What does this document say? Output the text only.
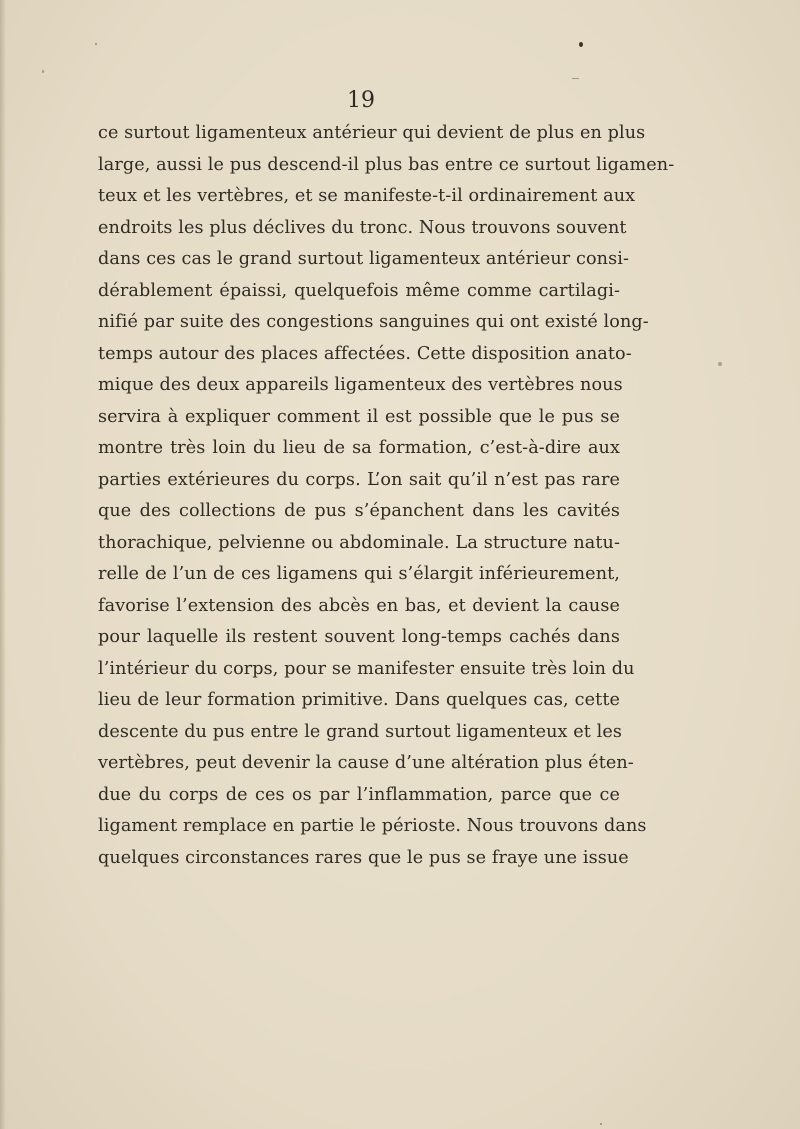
19
ce surtout ligamenteux antérieur qui devient de plus en plus
large, aussi le pus descend-il plus bas entre ce surtout ligamen-
teux et les vertèbres, et se manifeste-t-il ordinairement aux
endroits les plus déclives du tronc. Nous trouvons souvent
dans ces cas le grand surtout ligamenteux antérieur consi-
dérablement épaissi, quelquefois même comme cartilagi-
nifié par suite des congestions sanguines qui ont existé long-
temps autour des places affectées. Cette disposition anato-
mique des deux appareils ligamenteux des vertèbres nous
servira à expliquer comment il est possible que le pus se
montre très loin du lieu de sa formation, c’est-à-dire aux
parties extérieures du corps. L’on sait qu’il n’est pas rare
que des collections de pus s’épanchent dans les cavités
thorachique, pelvienne ou abdominale. La structure natu-
relle de l’un de ces ligamens qui s’élargit inférieurement,
favorise l’extension des abcès en bas, et devient la cause
pour laquelle ils restent souvent long-temps cachés dans
l’intérieur du corps, pour se manifester ensuite très loin du
lieu de leur formation primitive. Dans quelques cas, cette
descente du pus entre le grand surtout ligamenteux et les
vertèbres, peut devenir la cause d’une altération plus éten-
due du corps de ces os par l’inflammation, parce que ce
ligament remplace en partie le périoste. Nous trouvons dans
quelques circonstances rares que le pus se fraye une issue
